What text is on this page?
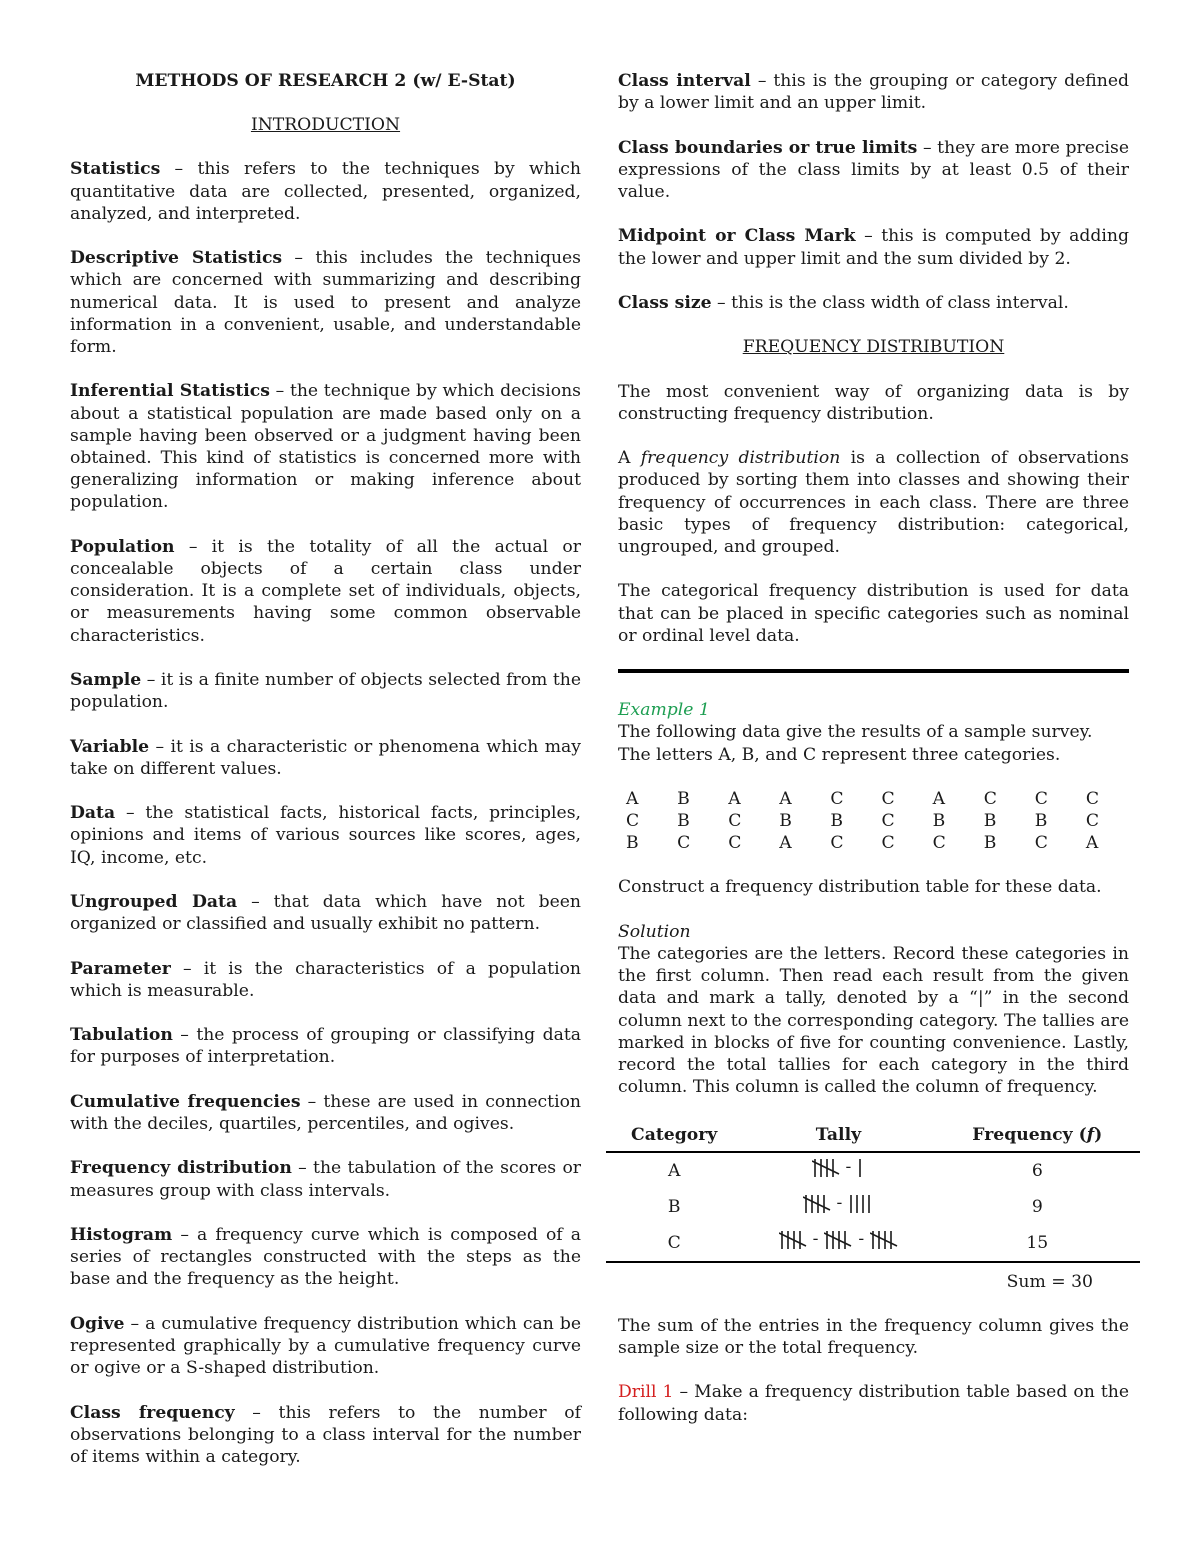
METHODS OF RESEARCH 2 (w/ E-Stat)

INTRODUCTION

Statistics – this refers to the techniques by which quantitative data are collected, presented, organized, analyzed, and interpreted.

Descriptive Statistics – this includes the techniques which are concerned with summarizing and describing numerical data. It is used to present and analyze information in a convenient, usable, and understandable form.

Inferential Statistics – the technique by which decisions about a statistical population are made based only on a sample having been observed or a judgment having been obtained. This kind of statistics is concerned more with generalizing information or making inference about population.

Population – it is the totality of all the actual or concealable objects of a certain class under consideration. It is a complete set of individuals, objects, or measurements having some common observable characteristics.

Sample – it is a finite number of objects selected from the population.

Variable – it is a characteristic or phenomena which may take on different values.

Data – the statistical facts, historical facts, principles, opinions and items of various sources like scores, ages, IQ, income, etc.

Ungrouped Data – that data which have not been organized or classified and usually exhibit no pattern.

Parameter – it is the characteristics of a population which is measurable.

Tabulation – the process of grouping or classifying data for purposes of interpretation.

Cumulative frequencies – these are used in connection with the deciles, quartiles, percentiles, and ogives.

Frequency distribution – the tabulation of the scores or measures group with class intervals.

Histogram – a frequency curve which is composed of a series of rectangles constructed with the steps as the base and the frequency as the height.

Ogive – a cumulative frequency distribution which can be represented graphically by a cumulative frequency curve or ogive or a S-shaped distribution.

Class frequency – this refers to the number of observations belonging to a class interval for the number of items within a category.

Class interval – this is the grouping or category defined by a lower limit and an upper limit.

Class boundaries or true limits – they are more precise expressions of the class limits by at least 0.5 of their value.

Midpoint or Class Mark – this is computed by adding the lower and upper limit and the sum divided by 2.

Class size – this is the class width of class interval.

FREQUENCY DISTRIBUTION

The most convenient way of organizing data is by constructing frequency distribution.

A frequency distribution is a collection of observations produced by sorting them into classes and showing their frequency of occurrences in each class. There are three basic types of frequency distribution: categorical, ungrouped, and grouped.

The categorical frequency distribution is used for data that can be placed in specific categories such as nominal or ordinal level data.

Example 1
The following data give the results of a sample survey. The letters A, B, and C represent three categories.
A	B	A	A	C	C	A	C	C	C
C	B	C	B	B	C	B	B	B	C
B	C	C	A	C	C	C	B	C	A

Construct a frequency distribution table for these data.

Solution
The categories are the letters. Record these categories in the first column. Then read each result from the given data and mark a tally, denoted by a “|” in the second column next to the corresponding category. The tallies are marked in blocks of five for counting convenience. Lastly, record the total tallies for each category in the third column. This column is called the column of frequency.
Category	Tally	Frequency (f)
A	-	6
B	-	9
C	- -	15
Sum = 30

The sum of the entries in the frequency column gives the sample size or the total frequency.

Drill 1 – Make a frequency distribution table based on the following data:
